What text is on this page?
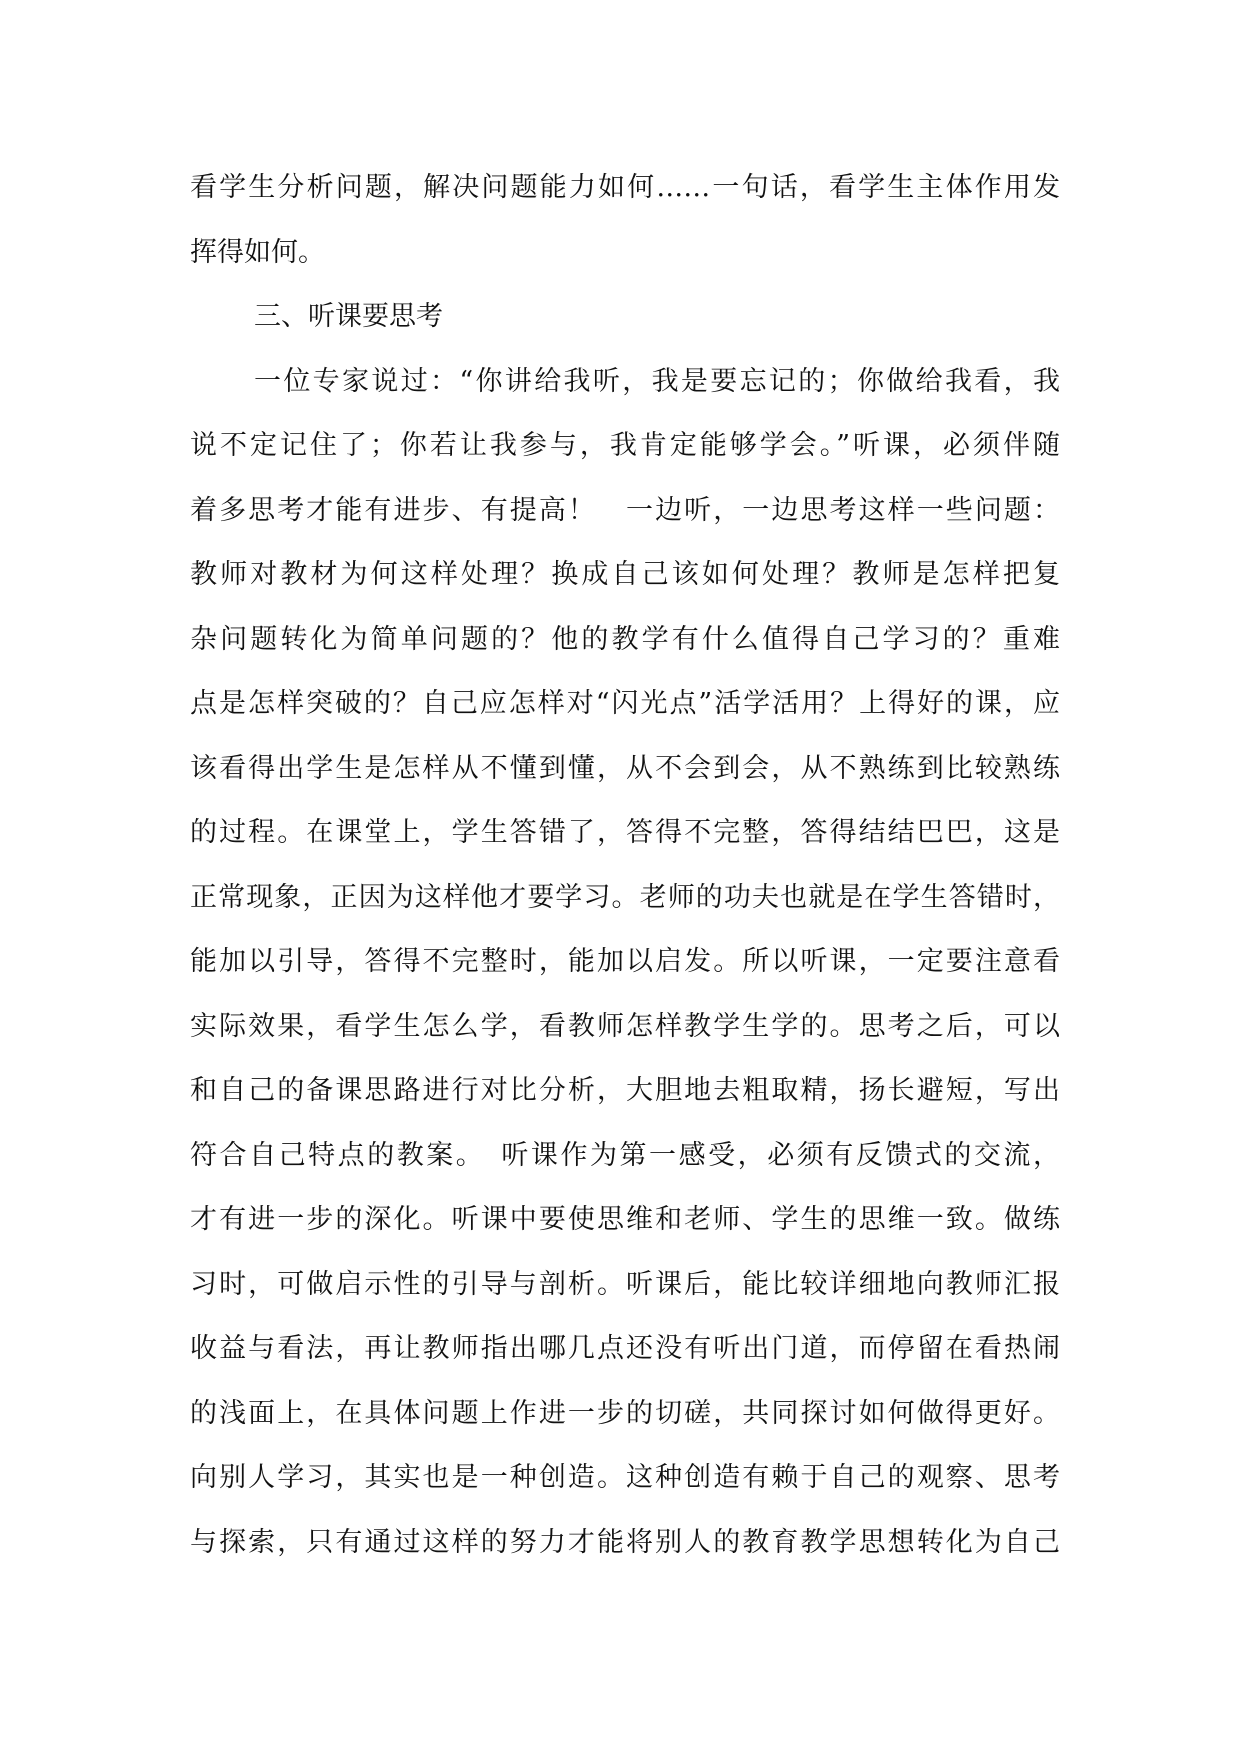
看学生分析问题，解决问题能力如何……一句话，看学生主体作用发
挥得如何。
三、听课要思考
一位专家说过：“你讲给我听，我是要忘记的；你做给我看，我
说不定记住了；你若让我参与，我肯定能够学会。”听课，必须伴随
着多思考才能有进步、有提高！　一边听，一边思考这样一些问题：
教师对教材为何这样处理？换成自己该如何处理？教师是怎样把复
杂问题转化为简单问题的？他的教学有什么值得自己学习的？重难
点是怎样突破的？自己应怎样对“闪光点”活学活用？上得好的课，应
该看得出学生是怎样从不懂到懂，从不会到会，从不熟练到比较熟练
的过程。在课堂上，学生答错了，答得不完整，答得结结巴巴，这是
正常现象，正因为这样他才要学习。老师的功夫也就是在学生答错时，
能加以引导，答得不完整时，能加以启发。所以听课，一定要注意看
实际效果，看学生怎么学，看教师怎样教学生学的。思考之后，可以
和自己的备课思路进行对比分析，大胆地去粗取精，扬长避短，写出
符合自己特点的教案。　听课作为第一感受，必须有反馈式的交流，
才有进一步的深化。听课中要使思维和老师、学生的思维一致。做练
习时，可做启示性的引导与剖析。听课后，能比较详细地向教师汇报
收益与看法，再让教师指出哪几点还没有听出门道，而停留在看热闹
的浅面上，在具体问题上作进一步的切磋，共同探讨如何做得更好。
向别人学习，其实也是一种创造。这种创造有赖于自己的观察、思考
与探索，只有通过这样的努力才能将别人的教育教学思想转化为自己
